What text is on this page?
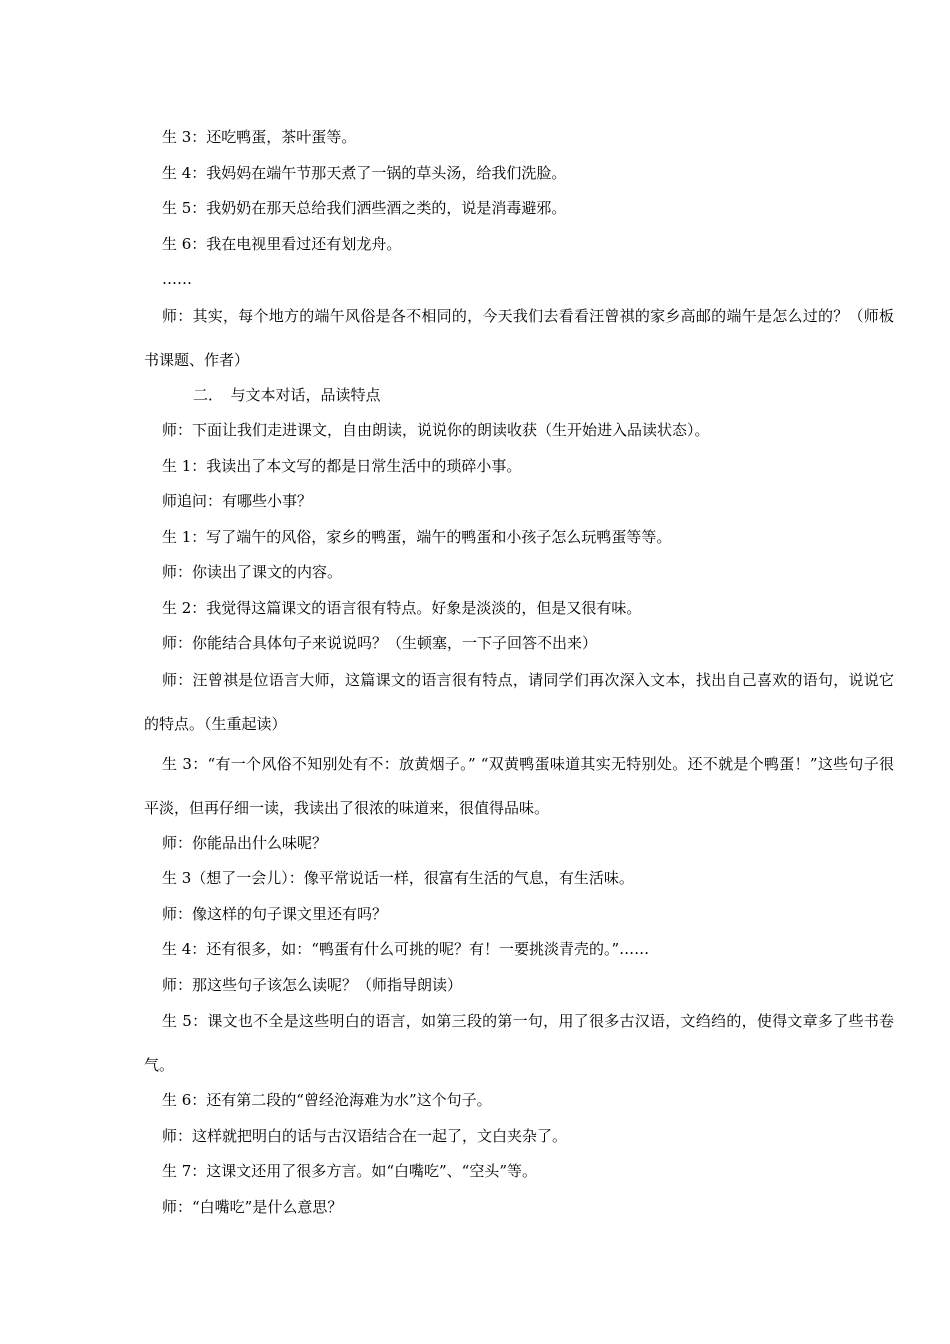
生 3：还吃鸭蛋，茶叶蛋等。

生 4：我妈妈在端午节那天煮了一锅的草头汤，给我们洗脸。

生 5：我奶奶在那天总给我们洒些酒之类的，说是消毒避邪。

生 6：我在电视里看过还有划龙舟。

……

师：其实，每个地方的端午风俗是各不相同的，今天我们去看看汪曾祺的家乡高邮的端午是怎么过的？（师板书课题、作者）

二．　与文本对话，品读特点

师：下面让我们走进课文，自由朗读，说说你的朗读收获（生开始进入品读状态）。

生 1：我读出了本文写的都是日常生活中的琐碎小事。

师追问：有哪些小事？

生 1：写了端午的风俗，家乡的鸭蛋，端午的鸭蛋和小孩子怎么玩鸭蛋等等。

师：你读出了课文的内容。

生 2：我觉得这篇课文的语言很有特点。好象是淡淡的，但是又很有味。

师：你能结合具体句子来说说吗？（生顿塞，一下子回答不出来）

师：汪曾祺是位语言大师，这篇课文的语言很有特点，请同学们再次深入文本，找出自己喜欢的语句，说说它的特点。（生重起读）

生 3：“有一个风俗不知别处有不：放黄烟子。” “双黄鸭蛋味道其实无特别处。还不就是个鸭蛋！”这些句子很平淡，但再仔细一读，我读出了很浓的味道来，很值得品味。

师：你能品出什么味呢？

生 3（想了一会儿）：像平常说话一样，很富有生活的气息，有生活味。

师：像这样的句子课文里还有吗？

生 4：还有很多，如：“鸭蛋有什么可挑的呢？有！一要挑淡青壳的。”……

师：那这些句子该怎么读呢？（师指导朗读）

生 5：课文也不全是这些明白的语言，如第三段的第一句，用了很多古汉语，文绉绉的，使得文章多了些书卷气。

生 6：还有第二段的“曾经沧海难为水”这个句子。

师：这样就把明白的话与古汉语结合在一起了，文白夹杂了。

生 7：这课文还用了很多方言。如“白嘴吃”、“空头”等。

师：“白嘴吃”是什么意思？
